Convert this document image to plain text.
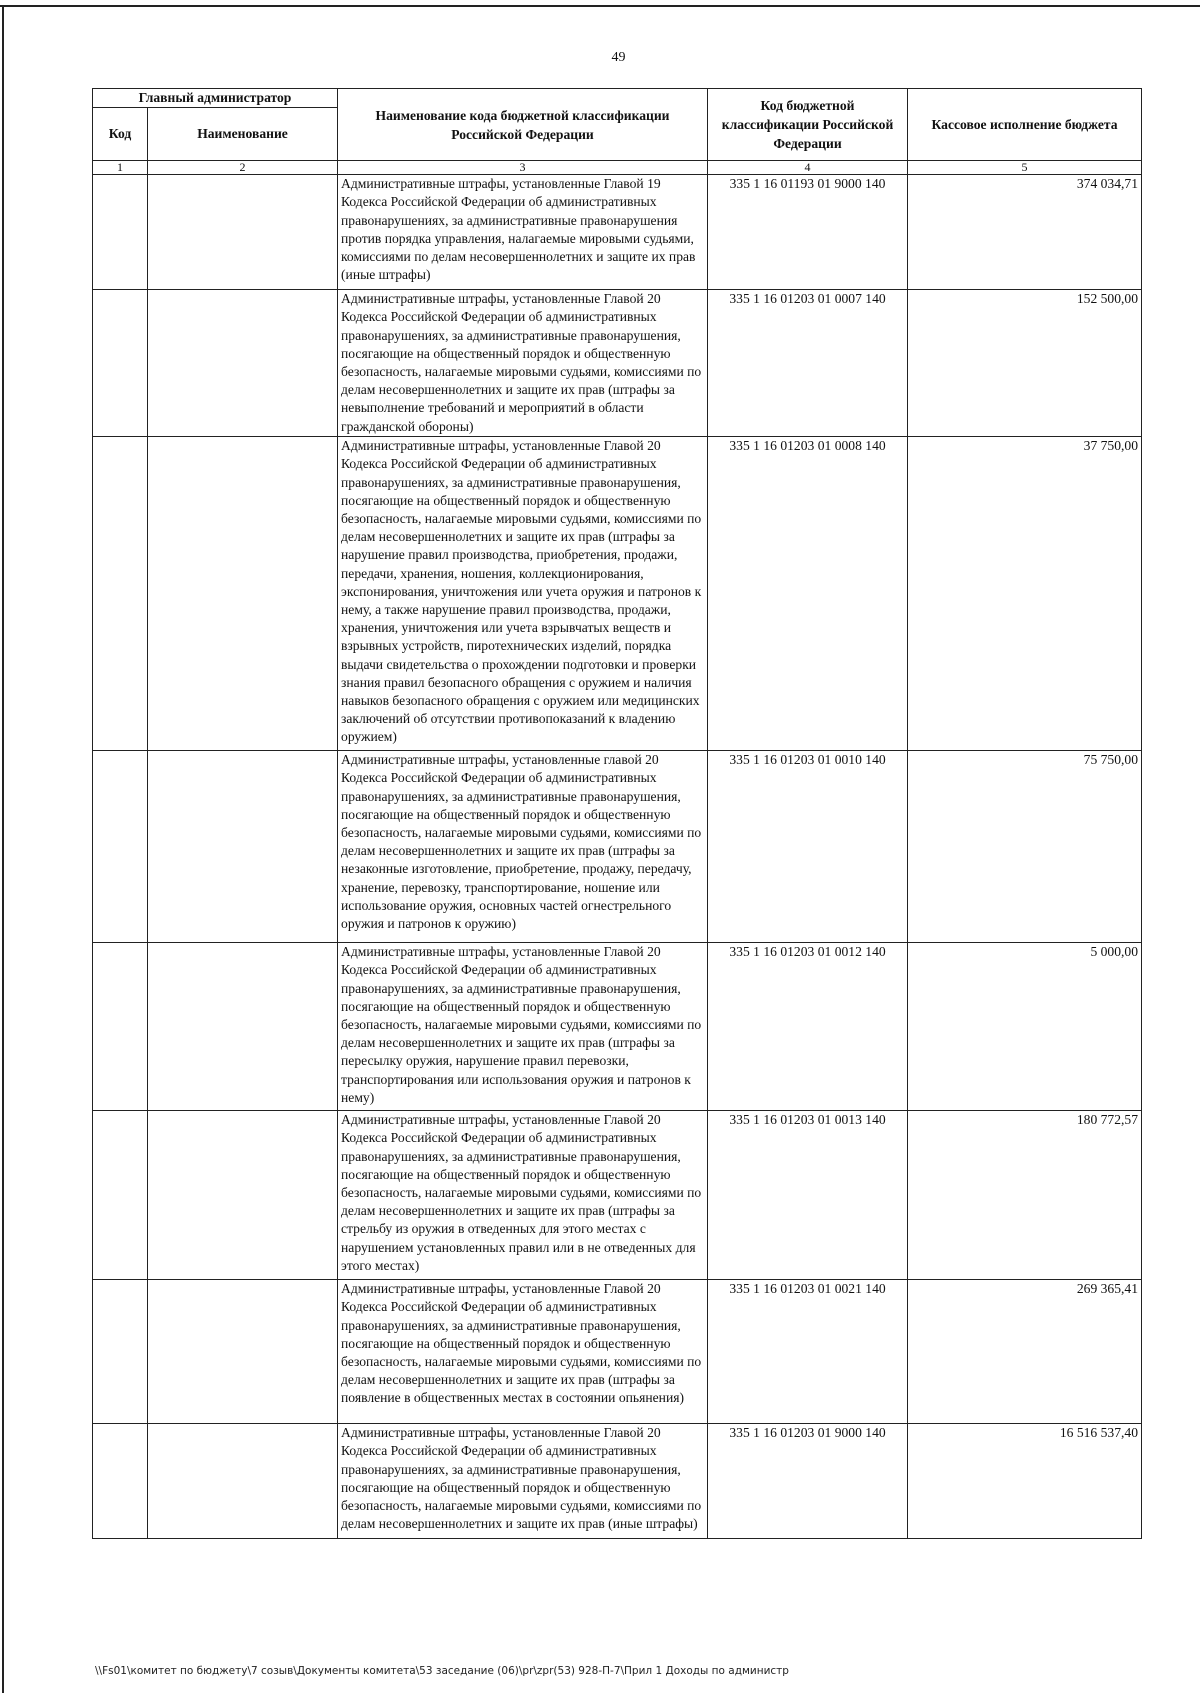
49
Главный администратор		Наименование кода бюджетной классификации Российской Федерации	Код бюджетной классификации Российской Федерации	Кассовое исполнение бюджета
Код	Наименование			
1	2	3	4	5
		Административные штрафы, установленные Главой 19 Кодекса Российской Федерации об административных правонарушениях, за административные правонарушения против порядка управления, налагаемые мировыми судьями, комиссиями по делам несовершеннолетних и защите их прав (иные штрафы)	335 1 16 01193 01 9000 140	374 034,71
		Административные штрафы, установленные Главой 20 Кодекса Российской Федерации об административных правонарушениях, за административные правонарушения, посягающие на общественный порядок и общественную безопасность, налагаемые мировыми судьями, комиссиями по делам несовершеннолетних и защите их прав (штрафы за невыполнение требований и мероприятий в области гражданской обороны)	335 1 16 01203 01 0007 140	152 500,00
		Административные штрафы, установленные Главой 20 Кодекса Российской Федерации об административных правонарушениях, за административные правонарушения, посягающие на общественный порядок и общественную безопасность, налагаемые мировыми судьями, комиссиями по делам несовершеннолетних и защите их прав (штрафы за нарушение правил производства, приобретения, продажи, передачи, хранения, ношения, коллекционирования, экспонирования, уничтожения или учета оружия и патронов к нему, а также нарушение правил производства, продажи, хранения, уничтожения или учета взрывчатых веществ и взрывных устройств, пиротехнических изделий, порядка выдачи свидетельства о прохождении подготовки и проверки знания правил безопасного обращения с оружием и наличия навыков безопасного обращения с оружием или медицинских заключений об отсутствии противопоказаний к владению оружием)	335 1 16 01203 01 0008 140	37 750,00
		Административные штрафы, установленные главой 20 Кодекса Российской Федерации об административных правонарушениях, за административные правонарушения, посягающие на общественный порядок и общественную безопасность, налагаемые мировыми судьями, комиссиями по делам несовершеннолетних и защите их прав (штрафы за незаконные изготовление, приобретение, продажу, передачу, хранение, перевозку, транспортирование, ношение или использование оружия, основных частей огнестрельного оружия и патронов к оружию)	335 1 16 01203 01 0010 140	75 750,00
		Административные штрафы, установленные Главой 20 Кодекса Российской Федерации об административных правонарушениях, за административные правонарушения, посягающие на общественный порядок и общественную безопасность, налагаемые мировыми судьями, комиссиями по делам несовершеннолетних и защите их прав (штрафы за пересылку оружия, нарушение правил перевозки, транспортирования или использования оружия и патронов к нему)	335 1 16 01203 01 0012 140	5 000,00
		Административные штрафы, установленные Главой 20 Кодекса Российской Федерации об административных правонарушениях, за административные правонарушения, посягающие на общественный порядок и общественную безопасность, налагаемые мировыми судьями, комиссиями по делам несовершеннолетних и защите их прав (штрафы за стрельбу из оружия в отведенных для этого местах с нарушением установленных правил или в не отведенных для этого местах)	335 1 16 01203 01 0013 140	180 772,57
		Административные штрафы, установленные Главой 20 Кодекса Российской Федерации об административных правонарушениях, за административные правонарушения, посягающие на общественный порядок и общественную безопасность, налагаемые мировыми судьями, комиссиями по делам несовершеннолетних и защите их прав (штрафы за появление в общественных местах в состоянии опьянения)	335 1 16 01203 01 0021 140	269 365,41
		Административные штрафы, установленные Главой 20 Кодекса Российской Федерации об административных правонарушениях, за административные правонарушения, посягающие на общественный порядок и общественную безопасность, налагаемые мировыми судьями, комиссиями по делам несовершеннолетних и защите их прав (иные штрафы)	335 1 16 01203 01 9000 140	16 516 537,40
\\Fs01\комитет по бюджету\7 созыв\Документы комитета\53 заседание (06)\pr\zpr(53) 928-П-7\Прил 1 Доходы по администр
